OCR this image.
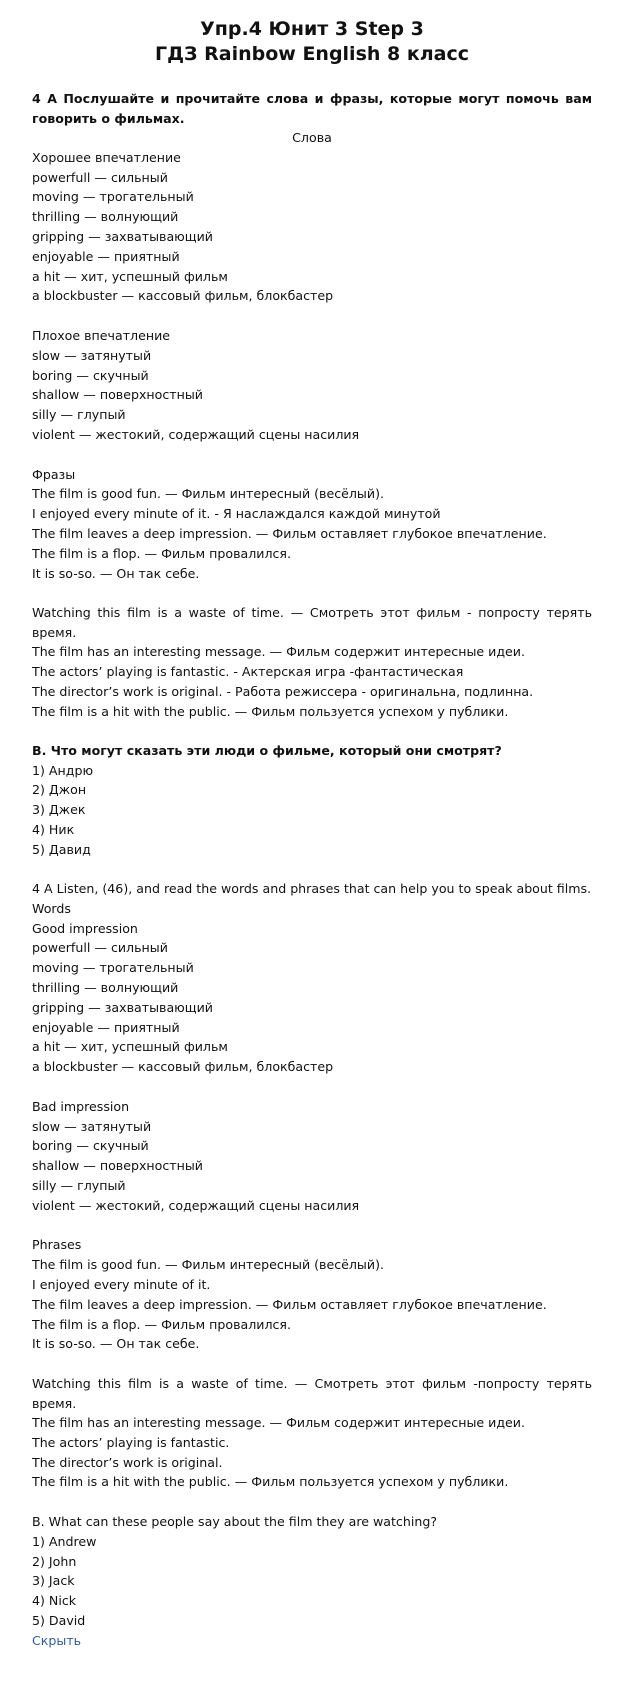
Упр.4 Юнит 3 Step 3
ГДЗ Rainbow English 8 класс

4 А Послушайте и прочитайте слова и фразы, которые могут помочь вам говорить о фильмах.

Слова

Хорошее впечатление

powerfull — сильный

moving — трогательный

thrilling — волнующий

gripping — захватывающий

enjoyable — приятный

a hit — хит, успешный фильм

a blockbuster — кассовый фильм, блокбастер

Плохое впечатление

slow — затянутый

boring — скучный

shallow — поверхностный

silly — глупый

violent — жестокий, содержащий сцены насилия

Фразы

The film is good fun. — Фильм интересный (весёлый).

I enjoyed every minute of it. - Я наслаждался каждой минутой

The film leaves a deep impression. — Фильм оставляет глубокое впечатление.

The film is a flop. — Фильм провалился.

It is so-so. — Он так себе.

Watching this film is a waste of time. — Смотреть этот фильм - попросту терять время.

The film has an interesting message. — Фильм содержит интересные идеи.

The actors’ playing is fantastic. - Актерская игра -фантастическая

The director’s work is original. - Работа режиссера - оригинальна, подлинна.

The film is a hit with the public. — Фильм пользуется успехом у публики.

B. Что могут сказать эти люди о фильме, который они смотрят?

1) Андрю

2) Джон

3) Джек

4) Ник

5) Давид

4 A Listen, (46), and read the words and phrases that can help you to speak about films.

Words

Good impression

powerfull — сильный

moving — трогательный

thrilling — волнующий

gripping — захватывающий

enjoyable — приятный

a hit — хит, успешный фильм

a blockbuster — кассовый фильм, блокбастер

Bad impression

slow — затянутый

boring — скучный

shallow — поверхностный

silly — глупый

violent — жестокий, содержащий сцены насилия

Phrases

The film is good fun. — Фильм интересный (весёлый).

I enjoyed every minute of it.

The film leaves a deep impression. — Фильм оставляет глубокое впечатление.

The film is a flop. — Фильм провалился.

It is so-so. — Он так себе.

Watching this film is a waste of time. — Смотреть этот фильм -попросту терять время.

The film has an interesting message. — Фильм содержит интересные идеи.

The actors’ playing is fantastic.

The director’s work is original.

The film is a hit with the public. — Фильм пользуется успехом у публики.

B. What can these people say about the film they are watching?

1) Andrew

2) John

3) Jack

4) Nick

5) David

Скрыть
